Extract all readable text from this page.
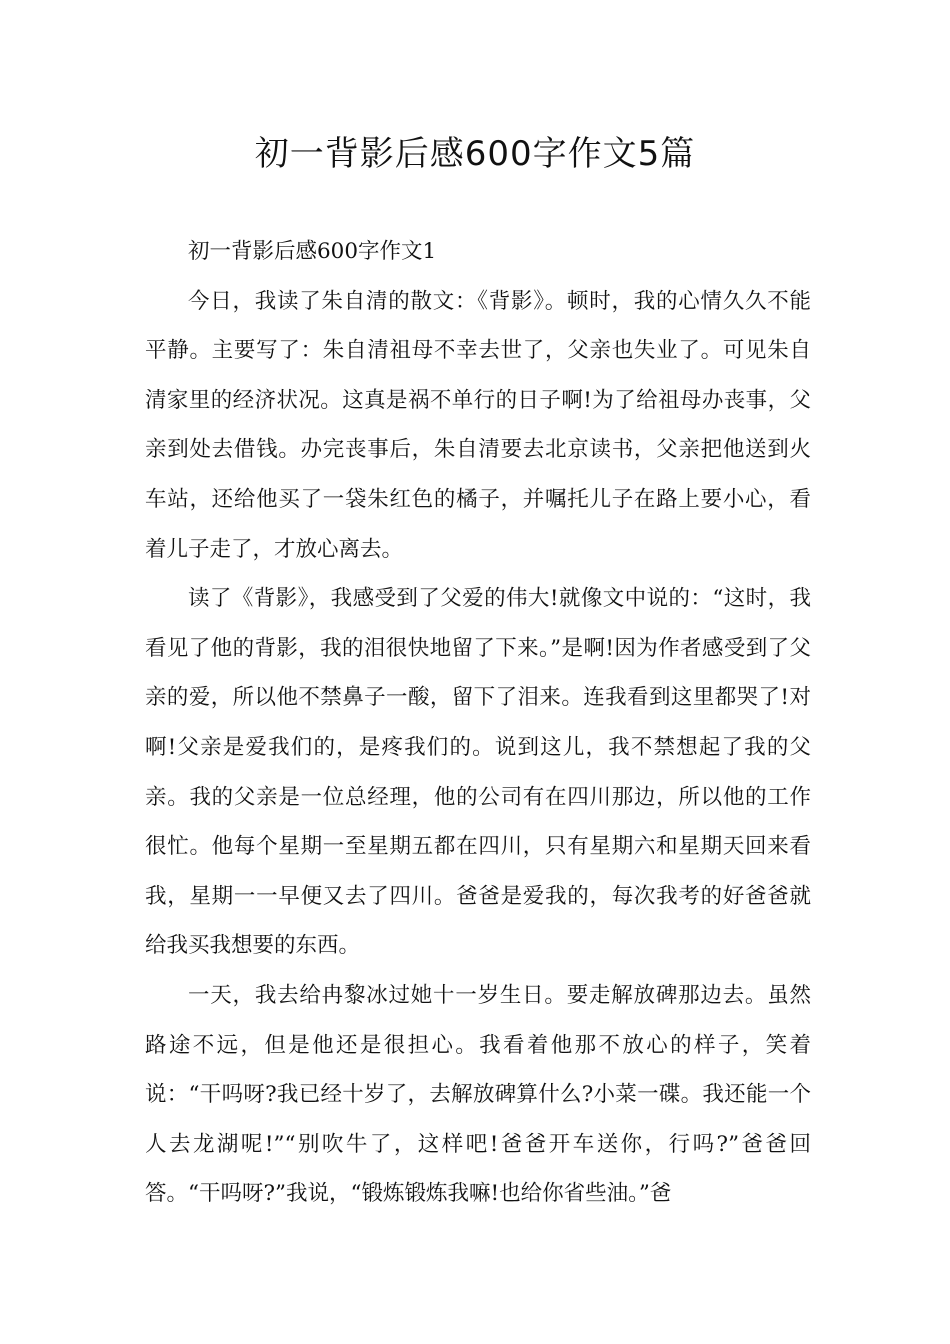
初一背影后感600字作文5篇

初一背影后感600字作文1

今日，我读了朱自清的散文：《背影》。顿时，我的心情久久不能平静。主要写了：朱自清祖母不幸去世了，父亲也失业了。可见朱自清家里的经济状况。这真是祸不单行的日子啊!为了给祖母办丧事，父亲到处去借钱。办完丧事后，朱自清要去北京读书，父亲把他送到火车站，还给他买了一袋朱红色的橘子，并嘱托儿子在路上要小心，看着儿子走了，才放心离去。

读了《背影》，我感受到了父爱的伟大!就像文中说的：“这时，我看见了他的背影，我的泪很快地留了下来。”是啊!因为作者感受到了父亲的爱，所以他不禁鼻子一酸，留下了泪来。连我看到这里都哭了!对啊!父亲是爱我们的，是疼我们的。说到这儿，我不禁想起了我的父亲。我的父亲是一位总经理，他的公司有在四川那边，所以他的工作很忙。他每个星期一至星期五都在四川，只有星期六和星期天回来看我，星期一一早便又去了四川。爸爸是爱我的，每次我考的好爸爸就给我买我想要的东西。

一天，我去给冉黎冰过她十一岁生日。要走解放碑那边去。虽然路途不远，但是他还是很担心。我看着他那不放心的样子，笑着说：“干吗呀?我已经十岁了，去解放碑算什么?小菜一碟。我还能一个人去龙湖呢!”“别吹牛了，这样吧!爸爸开车送你，行吗?”爸爸回答。“干吗呀?”我说，“锻炼锻炼我嘛!也给你省些油。”爸
